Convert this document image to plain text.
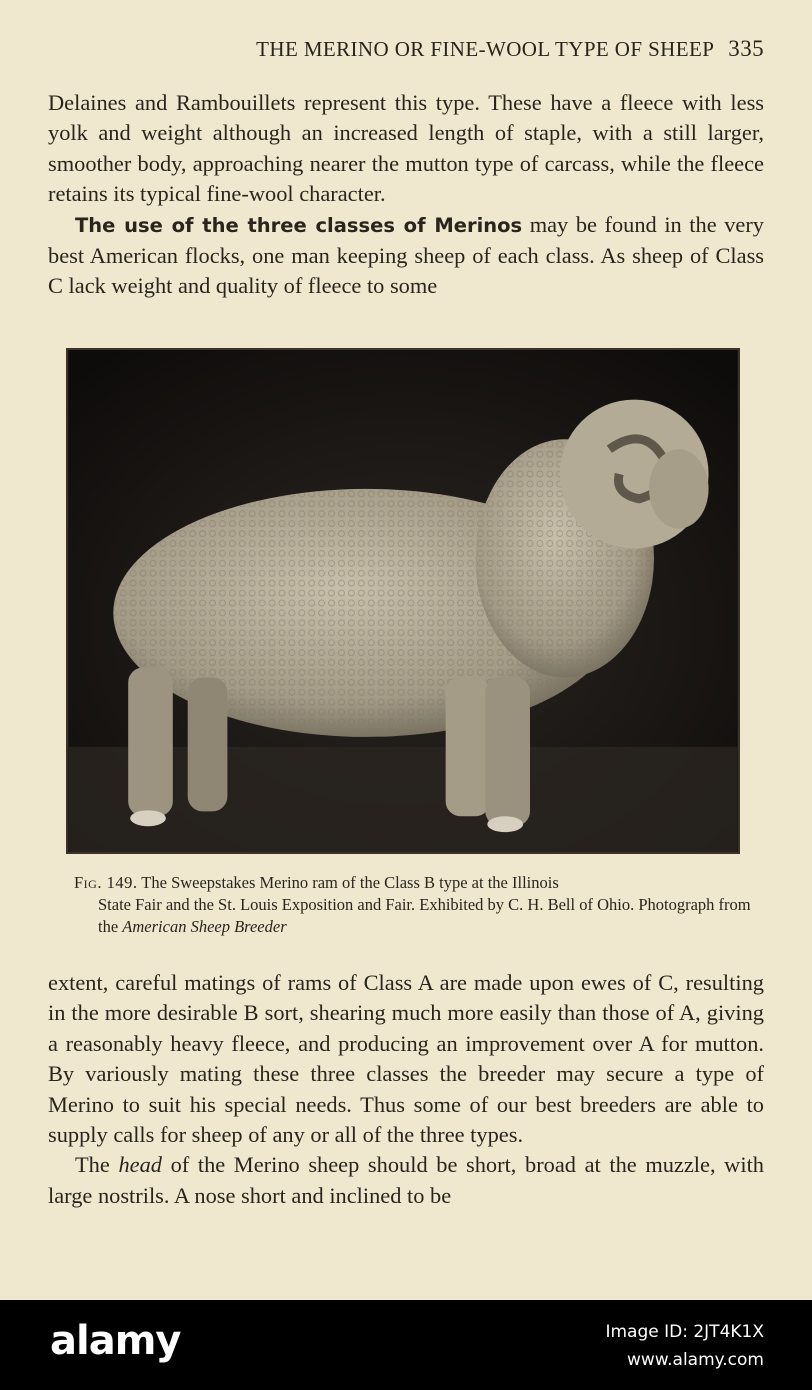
THE MERINO OR FINE-WOOL TYPE OF SHEEP 335

Delaines and Rambouillets represent this type. These have a fleece with less yolk and weight although an increased length of staple, with a still larger, smoother body, approaching nearer the mutton type of carcass, while the fleece retains its typical fine-wool character.

The use of the three classes of Merinos may be found in the very best American flocks, one man keeping sheep of each class. As sheep of Class C lack weight and quality of fleece to some

Fig. 149. The Sweepstakes Merino ram of the Class B type at the Illinois
State Fair and the St. Louis Exposition and Fair. Exhibited by C. H. Bell of Ohio. Photograph from the American Sheep Breeder

extent, careful matings of rams of Class A are made upon ewes of C, resulting in the more desirable B sort, shearing much more easily than those of A, giving a reasonably heavy fleece, and producing an improvement over A for mutton. By variously mating these three classes the breeder may secure a type of Merino to suit his special needs. Thus some of our best breeders are able to supply calls for sheep of any or all of the three types.

The head of the Merino sheep should be short, broad at the muzzle, with large nostrils. A nose short and inclined to be

alamy	Image ID: 2JT4K1X
www.alamy.com
